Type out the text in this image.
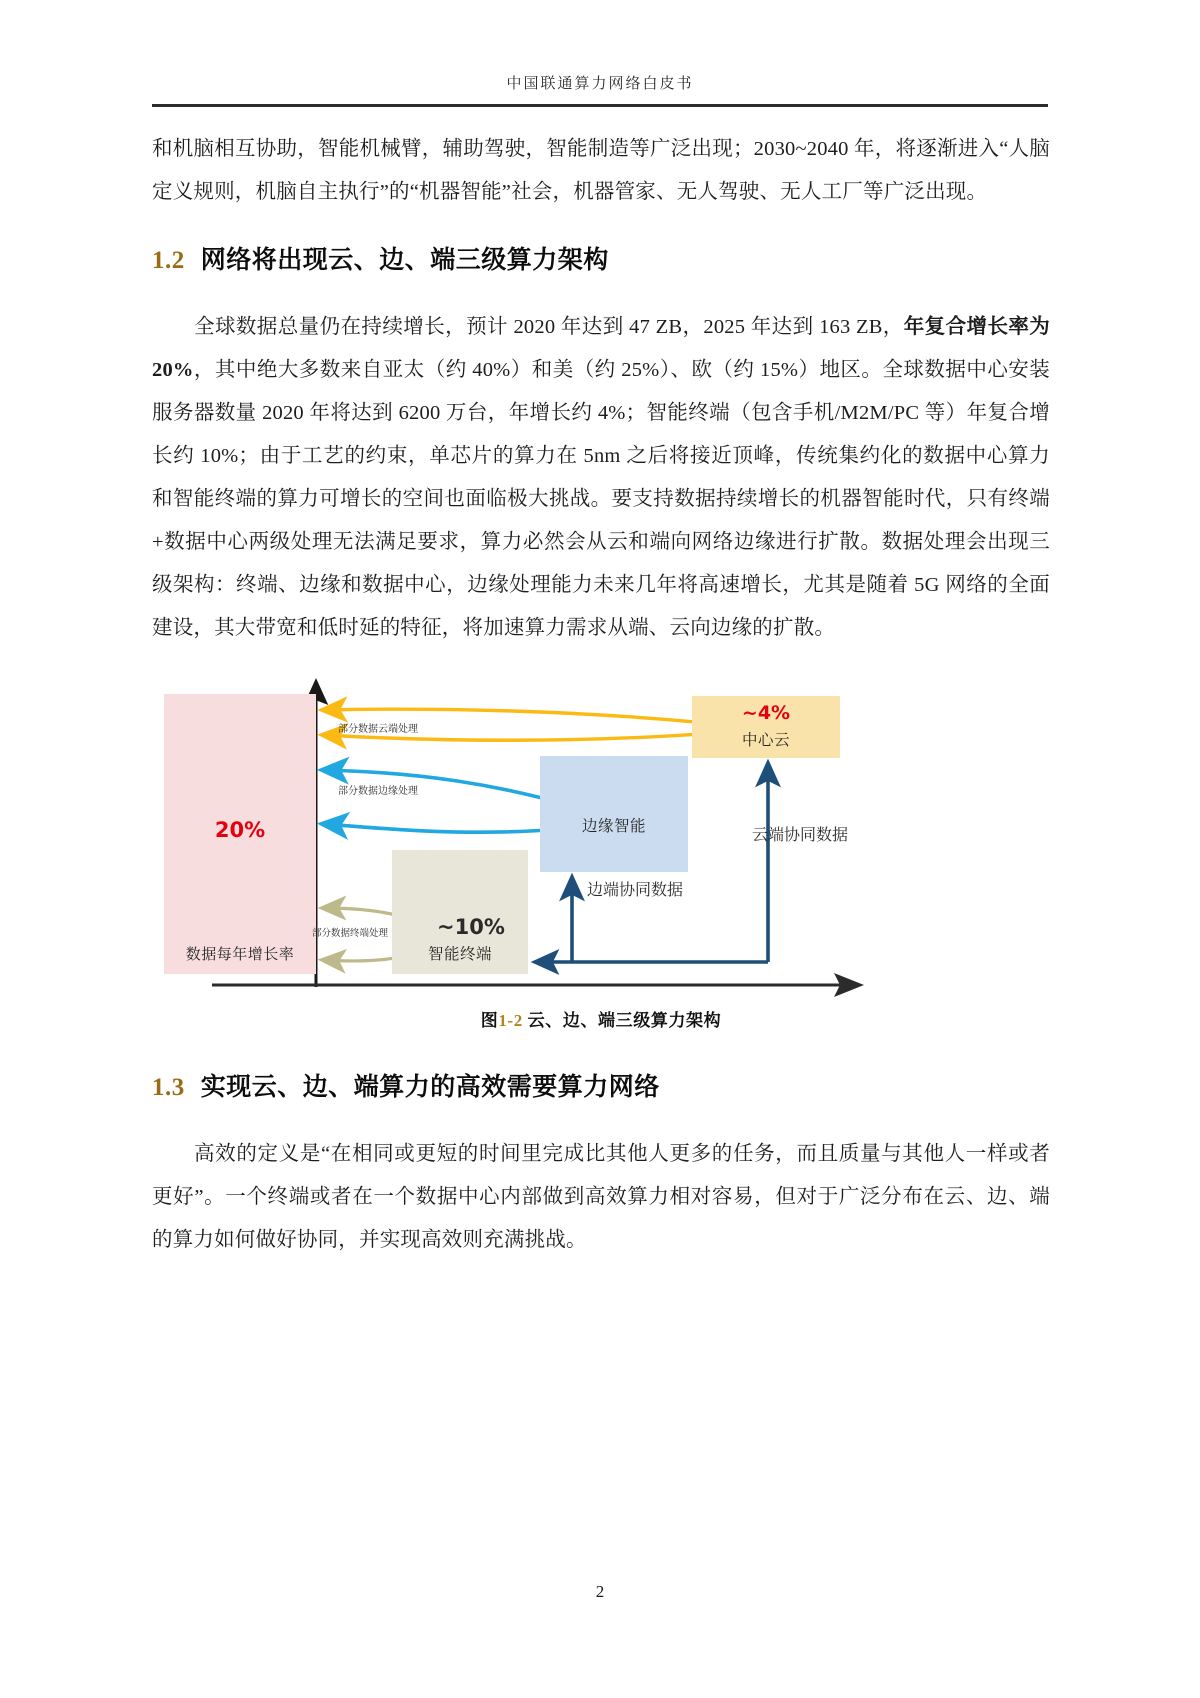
中国联通算力网络白皮书

和机脑相互协助，智能机械臂，辅助驾驶，智能制造等广泛出现；2030~2040 年，将逐渐进入“人脑定义规则，机脑自主执行”的“机器智能”社会，机器管家、无人驾驶、无人工厂等广泛出现。

1.2 网络将出现云、边、端三级算力架构

全球数据总量仍在持续增长，预计 2020 年达到 47 ZB，2025 年达到 163 ZB，年复合增长率为 20%，其中绝大多数来自亚太（约 40%）和美（约 25%）、欧（约 15%）地区。全球数据中心安装服务器数量 2020 年将达到 6200 万台，年增长约 4%；智能终端（包含手机/M2M/PC 等）年复合增长约 10%；由于工艺的约束，单芯片的算力在 5nm 之后将接近顶峰，传统集约化的数据中心算力和智能终端的算力可增长的空间也面临极大挑战。要支持数据持续增长的机器智能时代，只有终端+数据中心两级处理无法满足要求，算力必然会从云和端向网络边缘进行扩散。数据处理会出现三级架构：终端、边缘和数据中心，边缘处理能力未来几年将高速增长，尤其是随着 5G 网络的全面建设，其大带宽和低时延的特征，将加速算力需求从端、云向边缘的扩散。

20%
数据每年增长率	智能终端
边缘智能
~4%
中心云
部分数据云端处理
部分数据边缘处理
部分数据终端处理 ~10%
云端协同数据
边端协同数据
图1-2 云、边、端三级算力架构
1.3 实现云、边、端算力的高效需要算力网络

高效的定义是“在相同或更短的时间里完成比其他人更多的任务，而且质量与其他人一样或者更好”。一个终端或者在一个数据中心内部做到高效算力相对容易，但对于广泛分布在云、边、端的算力如何做好协同，并实现高效则充满挑战。

2
